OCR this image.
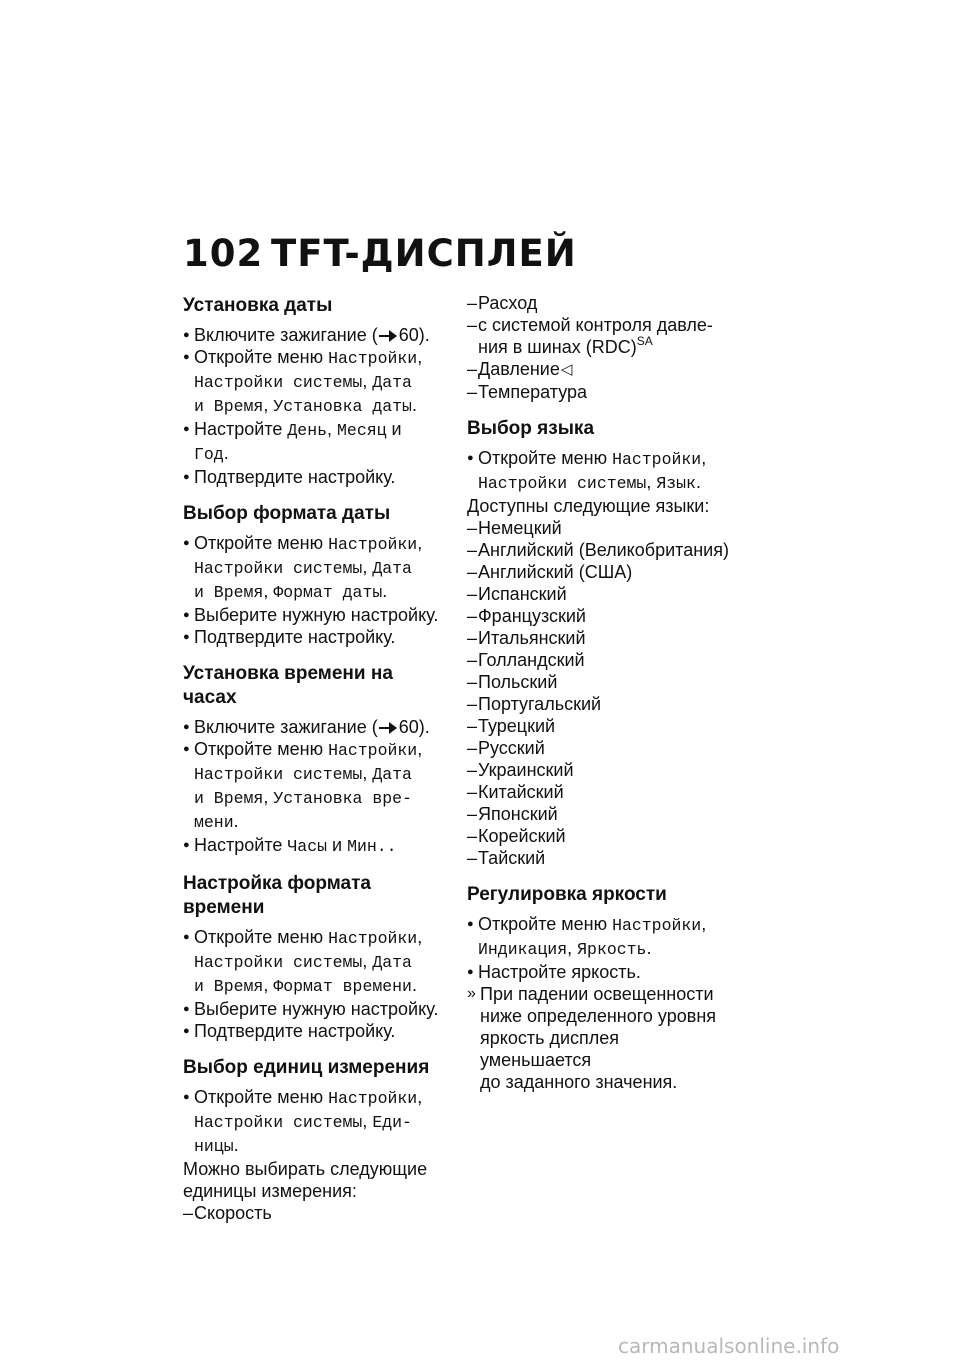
102 TFT-ДИСПЛЕЙ
Установка даты
● Включите зажигание ( 60).
● Откройте меню Настройки,
Настройки системы, Дата
и Время, Установка даты.
● Настройте День, Месяц и
Год.
● Подтвердите настройку.
Выбор формата даты
● Откройте меню Настройки,
Настройки системы, Дата
и Время, Формат даты.
● Выберите нужную настройку.
● Подтвердите настройку.
Установка времени на часах
● Включите зажигание ( 60).
● Откройте меню Настройки,
Настройки системы, Дата
и Время, Установка вре-
мени.
● Настройте Часы и Мин..
Настройка формата
времени
● Откройте меню Настройки,
Настройки системы, Дата
и Время, Формат времени.
● Выберите нужную настройку.
● Подтвердите настройку.
Выбор единиц измерения
● Откройте меню Настройки,
Настройки системы, Еди-
ницы.
Можно выбирать следующие
единицы измерения:
– Скорость
– Расход
– с системой контроля давле-
ния в шинах (RDC)$^{SA}$
– Давление◁
– Температура
Выбор языка
● Откройте меню Настройки,
Настройки системы, Язык.
Доступны следующие языки:
– Немецкий
– Английский (Великобритания)
– Английский (США)
– Испанский
– Французский
– Итальянский
– Голландский
– Польский
– Португальский
– Турецкий
– Русский
– Украинский
– Китайский
– Японский
– Корейский
– Тайский
Регулировка яркости
● Откройте меню Настройки,
Индикация, Яркость.
● Настройте яркость.
» При падении освещенности
ниже определенного уровня
яркость дисплея уменьшается
до заданного значения.
carmanualsonline.info
